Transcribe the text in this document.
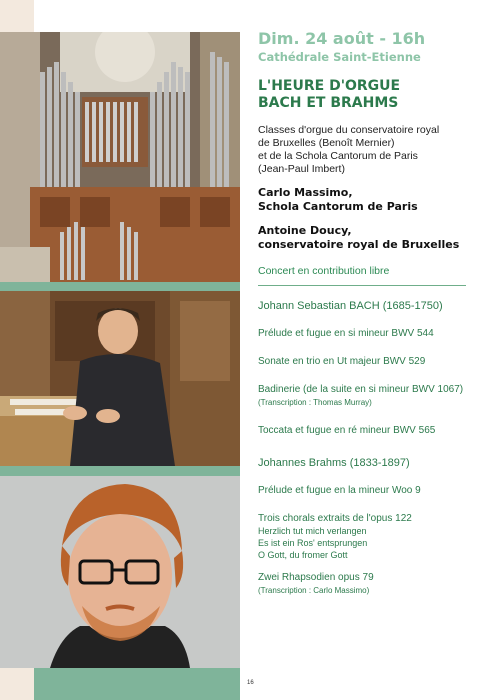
Dim. 24 août - 16h

Cathédrale Saint-Etienne

L'HEURE D'ORGUE
BACH ET BRAHMS

Classes d'orgue du conservatoire royal
de Bruxelles (Benoît Mernier)
et de la Schola Cantorum de Paris
(Jean-Paul Imbert)

Carlo Massimo,
Schola Cantorum de Paris

Antoine Doucy,
conservatoire royal de Bruxelles

Concert en contribution libre

Johann Sebastian BACH (1685-1750)

Prélude et fugue en si mineur BWV 544

Sonate en trio en Ut majeur BWV 529

Badinerie (de la suite en si mineur BWV 1067)
(Transcription : Thomas Murray)

Toccata et fugue en ré mineur BWV 565

Johannes Brahms (1833-1897)

Prélude et fugue en la mineur Woo 9

Trois chorals extraits de l'opus 122
Herzlich tut mich verlangen
Es ist ein Ros' entsprungen
O Gott, du fromer Gott

Zwei Rhapsodien opus 79
(Transcription : Carlo Massimo)

16
